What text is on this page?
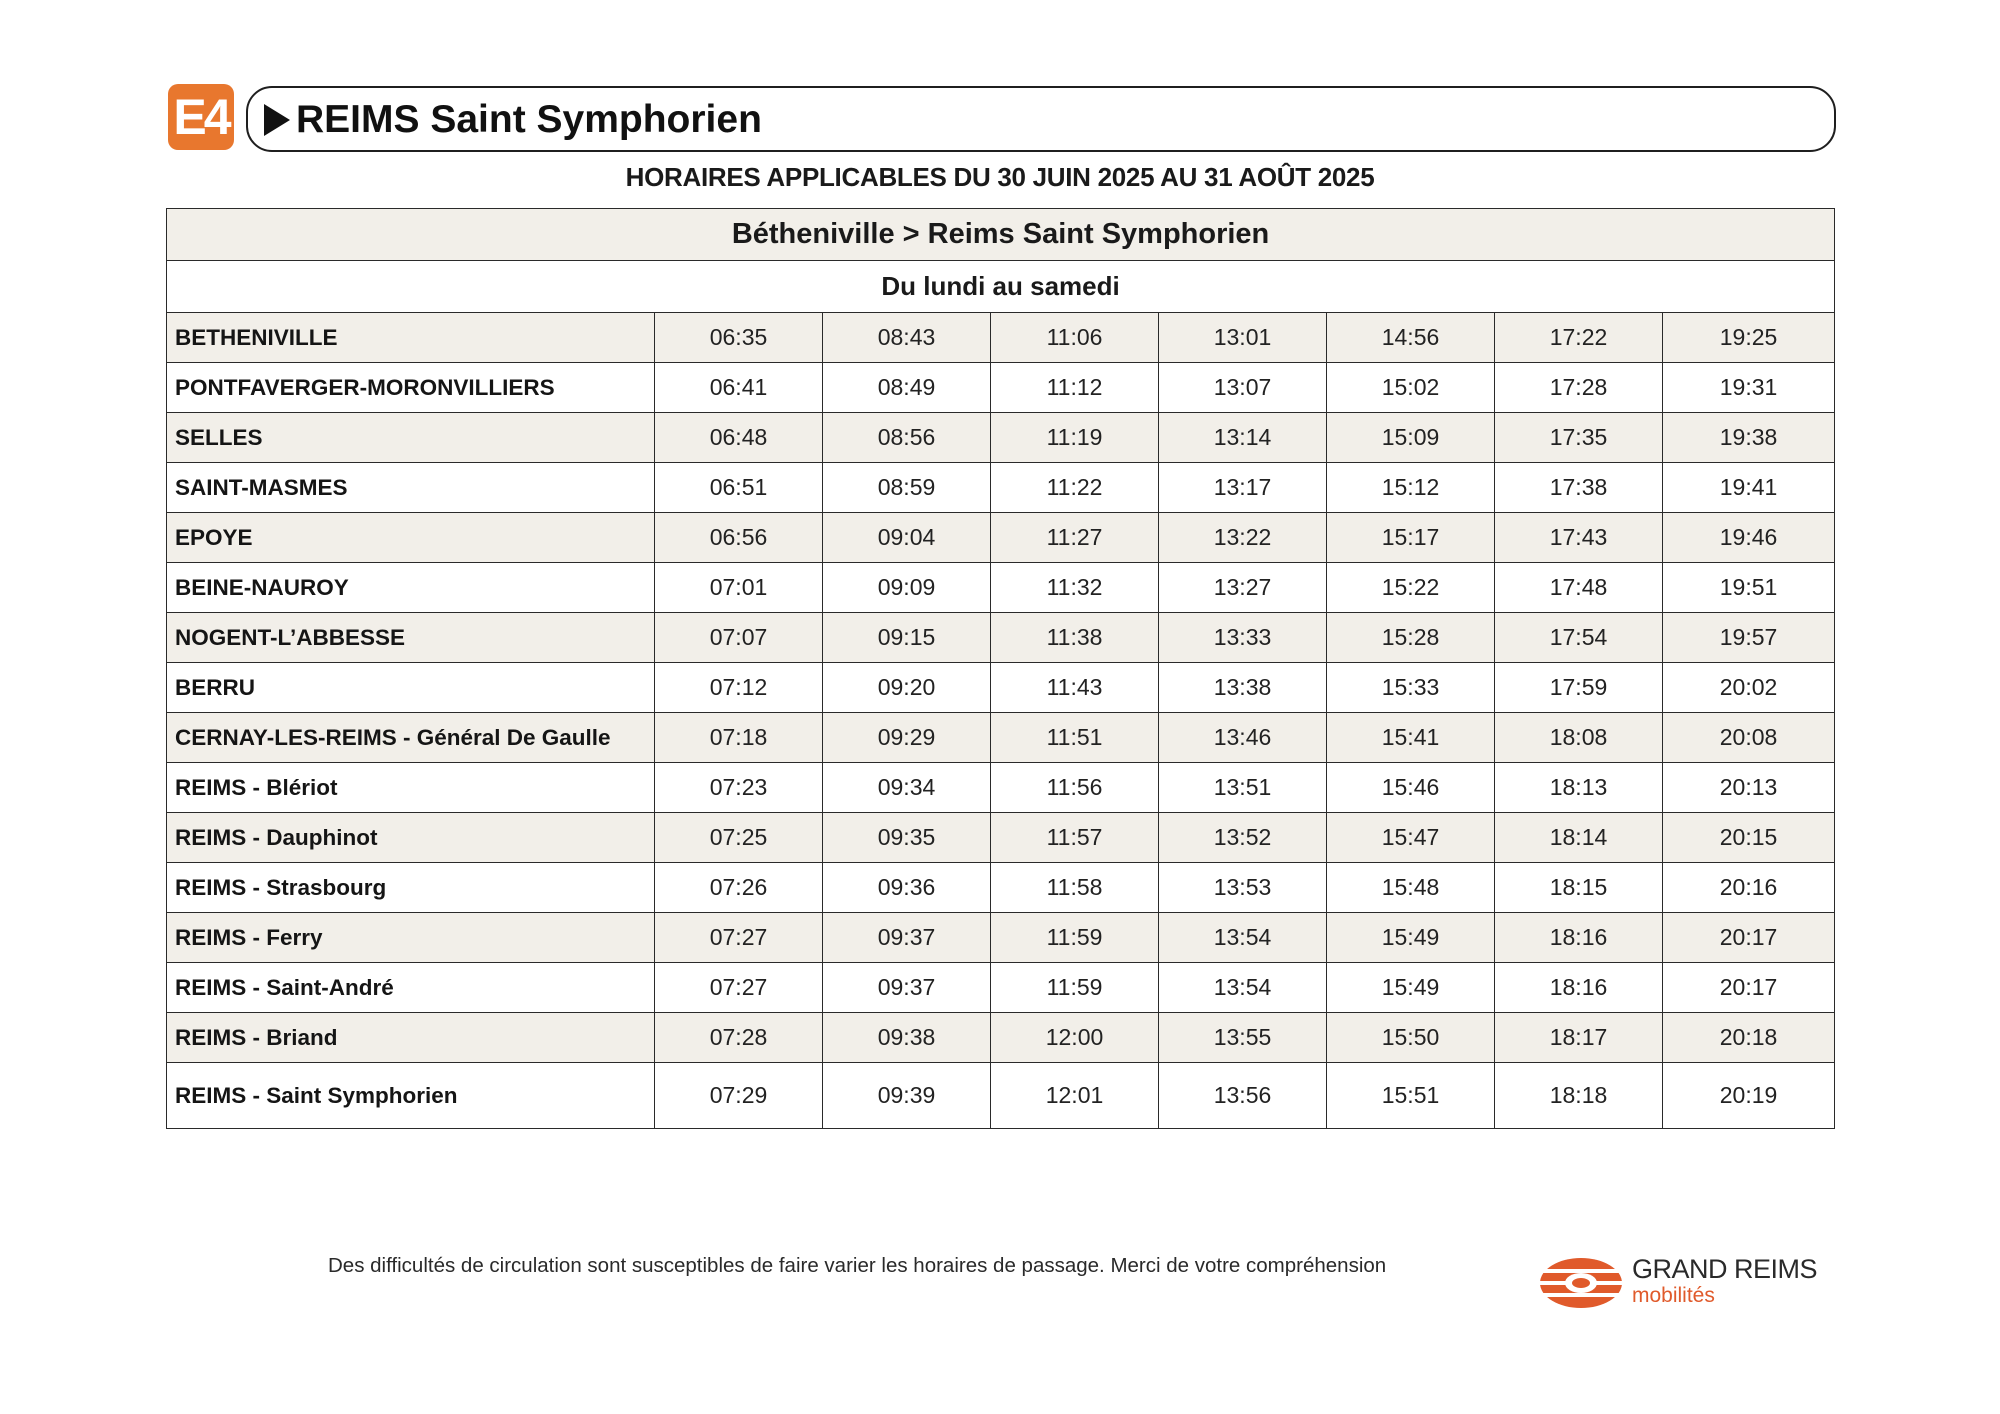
E4 REIMS Saint Symphorien
HORAIRES APPLICABLES DU 30 JUIN 2025 AU 31 AOÛT 2025
Bétheniville > Reims Saint Symphorien							
Du lundi au samedi							
BETHENIVILLE	06:35	08:43	11:06	13:01	14:56	17:22	19:25
PONTFAVERGER-MORONVILLIERS	06:41	08:49	11:12	13:07	15:02	17:28	19:31
SELLES	06:48	08:56	11:19	13:14	15:09	17:35	19:38
SAINT-MASMES	06:51	08:59	11:22	13:17	15:12	17:38	19:41
EPOYE	06:56	09:04	11:27	13:22	15:17	17:43	19:46
BEINE-NAUROY	07:01	09:09	11:32	13:27	15:22	17:48	19:51
NOGENT-L’ABBESSE	07:07	09:15	11:38	13:33	15:28	17:54	19:57
BERRU	07:12	09:20	11:43	13:38	15:33	17:59	20:02
CERNAY-LES-REIMS - Général De Gaulle	07:18	09:29	11:51	13:46	15:41	18:08	20:08
REIMS - Blériot	07:23	09:34	11:56	13:51	15:46	18:13	20:13
REIMS - Dauphinot	07:25	09:35	11:57	13:52	15:47	18:14	20:15
REIMS - Strasbourg	07:26	09:36	11:58	13:53	15:48	18:15	20:16
REIMS - Ferry	07:27	09:37	11:59	13:54	15:49	18:16	20:17
REIMS - Saint-André	07:27	09:37	11:59	13:54	15:49	18:16	20:17
REIMS - Briand	07:28	09:38	12:00	13:55	15:50	18:17	20:18
REIMS - Saint Symphorien	07:29	09:39	12:01	13:56	15:51	18:18	20:19
Des difficultés de circulation sont susceptibles de faire varier les horaires de passage. Merci de votre compréhension	GRAND REIMS
mobilités
